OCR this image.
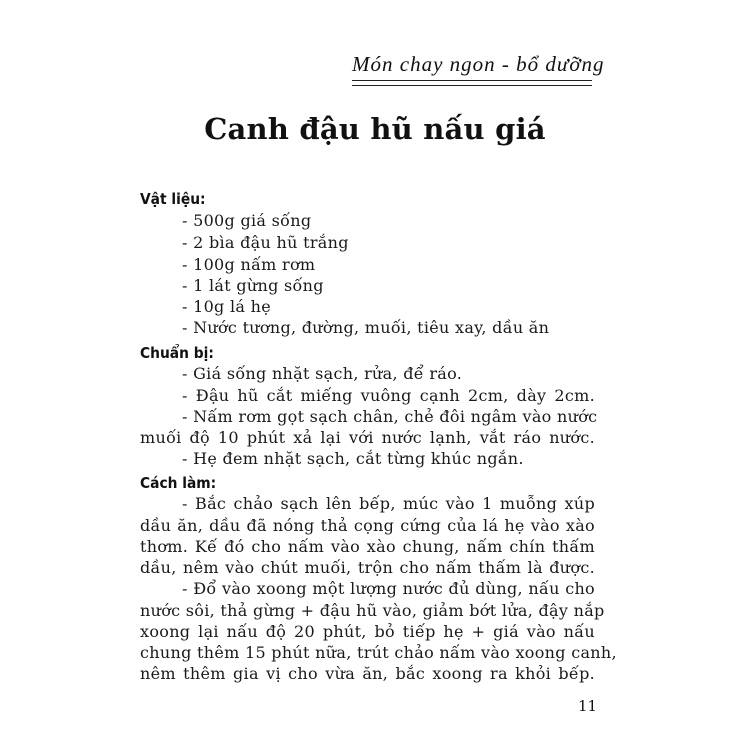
Món chay ngon - bổ dưỡng
Canh đậu hũ nấu giá
Vật liệu:
- 500g giá sống
- 2 bìa đậu hũ trắng
- 100g nấm rơm
- 1 lát gừng sống
- 10g lá hẹ
- Nước tương, đường, muối, tiêu xay, dầu ăn
Chuẩn bị:
- Giá sống nhặt sạch, rửa, để ráo.
- Đậu hũ cắt miếng vuông cạnh 2cm, dày 2cm.
- Nấm rơm gọt sạch chân, chẻ đôi ngâm vào nước
muối độ 10 phút xả lại với nước lạnh, vắt ráo nước.
- Hẹ đem nhặt sạch, cắt từng khúc ngắn.
Cách làm:
- Bắc chảo sạch lên bếp, múc vào 1 muỗng xúp
dầu ăn, dầu đã nóng thả cọng cứng của lá hẹ vào xào
thơm. Kế đó cho nấm vào xào chung, nấm chín thấm
dầu, nêm vào chút muối, trộn cho nấm thấm là được.
- Đổ vào xoong một lượng nước đủ dùng, nấu cho
nước sôi, thả gừng + đậu hũ vào, giảm bớt lửa, đậy nắp
xoong lại nấu độ 20 phút, bỏ tiếp hẹ + giá vào nấu
chung thêm 15 phút nữa, trút chảo nấm vào xoong canh,
nêm thêm gia vị cho vừa ăn, bắc xoong ra khỏi bếp.
11
